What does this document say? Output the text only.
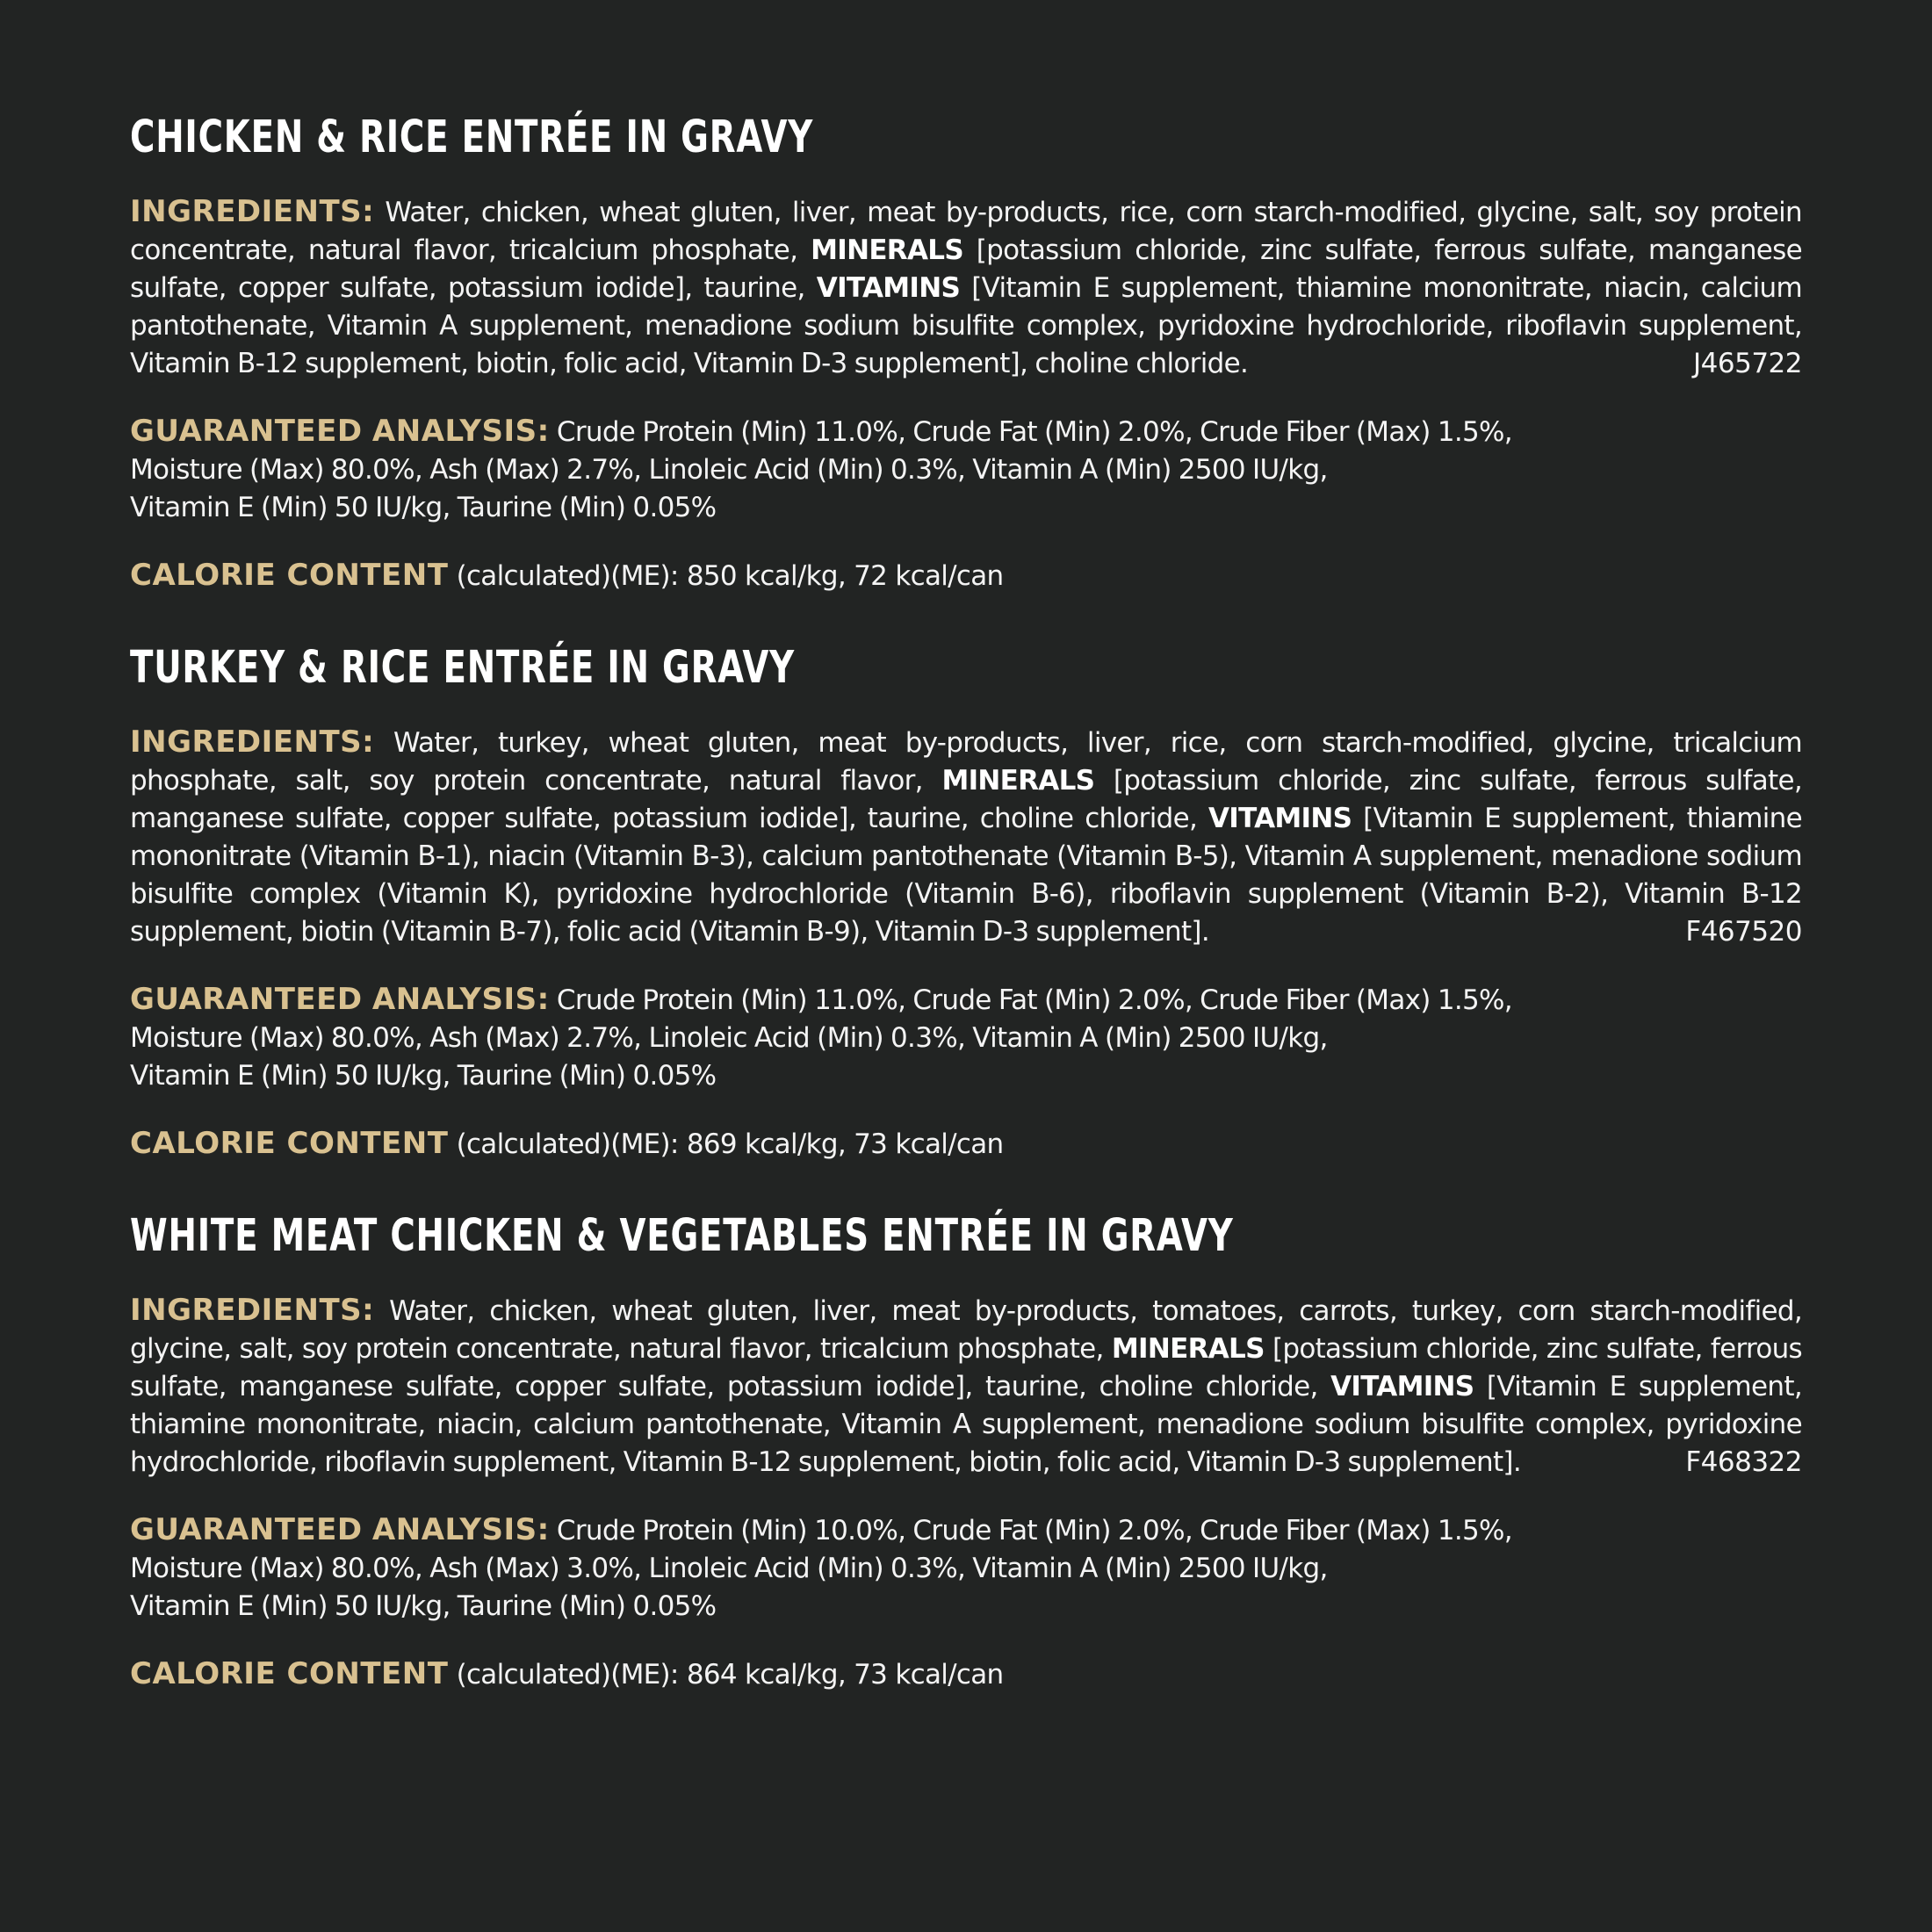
CHICKEN & RICE ENTRÉE IN GRAVY

INGREDIENTS: Water, chicken, wheat gluten, liver, meat by-products, rice, corn starch-modified, glycine, salt, soy protein concentrate, natural flavor, tricalcium phosphate, MINERALS [potassium chloride, zinc sulfate, ferrous sulfate, manganese sulfate, copper sulfate, potassium iodide], taurine, VITAMINS [Vitamin E supplement, thiamine mononitrate, niacin, calcium pantothenate, Vitamin A supplement, menadione sodium bisulfite complex, pyridoxine hydrochloride, riboflavin supplement, Vitamin B-12 supplement, biotin, folic acid, Vitamin D-3 supplement], choline chloride.	J465722

GUARANTEED ANALYSIS: Crude Protein (Min) 11.0%, Crude Fat (Min) 2.0%, Crude Fiber (Max) 1.5%,
Moisture (Max) 80.0%, Ash (Max) 2.7%, Linoleic Acid (Min) 0.3%, Vitamin A (Min) 2500 IU/kg,
Vitamin E (Min) 50 IU/kg, Taurine (Min) 0.05%

CALORIE CONTENT (calculated)(ME): 850 kcal/kg, 72 kcal/can

TURKEY & RICE ENTRÉE IN GRAVY

INGREDIENTS: Water, turkey, wheat gluten, meat by-products, liver, rice, corn starch-modified, glycine, tricalcium phosphate, salt, soy protein concentrate, natural flavor, MINERALS [potassium chloride, zinc sulfate, ferrous sulfate, manganese sulfate, copper sulfate, potassium iodide], taurine, choline chloride, VITAMINS [Vitamin E supplement, thiamine mononitrate (Vitamin B-1), niacin (Vitamin B-3), calcium pantothenate (Vitamin B-5), Vitamin A supplement, menadione sodium bisulfite complex (Vitamin K), pyridoxine hydrochloride (Vitamin B-6), riboflavin supplement (Vitamin B-2), Vitamin B-12 supplement, biotin (Vitamin B-7), folic acid (Vitamin B-9), Vitamin D-3 supplement].	F467520

GUARANTEED ANALYSIS: Crude Protein (Min) 11.0%, Crude Fat (Min) 2.0%, Crude Fiber (Max) 1.5%,
Moisture (Max) 80.0%, Ash (Max) 2.7%, Linoleic Acid (Min) 0.3%, Vitamin A (Min) 2500 IU/kg,
Vitamin E (Min) 50 IU/kg, Taurine (Min) 0.05%

CALORIE CONTENT (calculated)(ME): 869 kcal/kg, 73 kcal/can

WHITE MEAT CHICKEN & VEGETABLES ENTRÉE IN GRAVY

INGREDIENTS: Water, chicken, wheat gluten, liver, meat by-products, tomatoes, carrots, turkey, corn starch-modified, glycine, salt, soy protein concentrate, natural flavor, tricalcium phosphate, MINERALS [potassium chloride, zinc sulfate, ferrous sulfate, manganese sulfate, copper sulfate, potassium iodide], taurine, choline chloride, VITAMINS [Vitamin E supplement, thiamine mononitrate, niacin, calcium pantothenate, Vitamin A supplement, menadione sodium bisulfite complex, pyridoxine hydrochloride, riboflavin supplement, Vitamin B-12 supplement, biotin, folic acid, Vitamin D-3 supplement].	F468322

GUARANTEED ANALYSIS: Crude Protein (Min) 10.0%, Crude Fat (Min) 2.0%, Crude Fiber (Max) 1.5%,
Moisture (Max) 80.0%, Ash (Max) 3.0%, Linoleic Acid (Min) 0.3%, Vitamin A (Min) 2500 IU/kg,
Vitamin E (Min) 50 IU/kg, Taurine (Min) 0.05%

CALORIE CONTENT (calculated)(ME): 864 kcal/kg, 73 kcal/can
